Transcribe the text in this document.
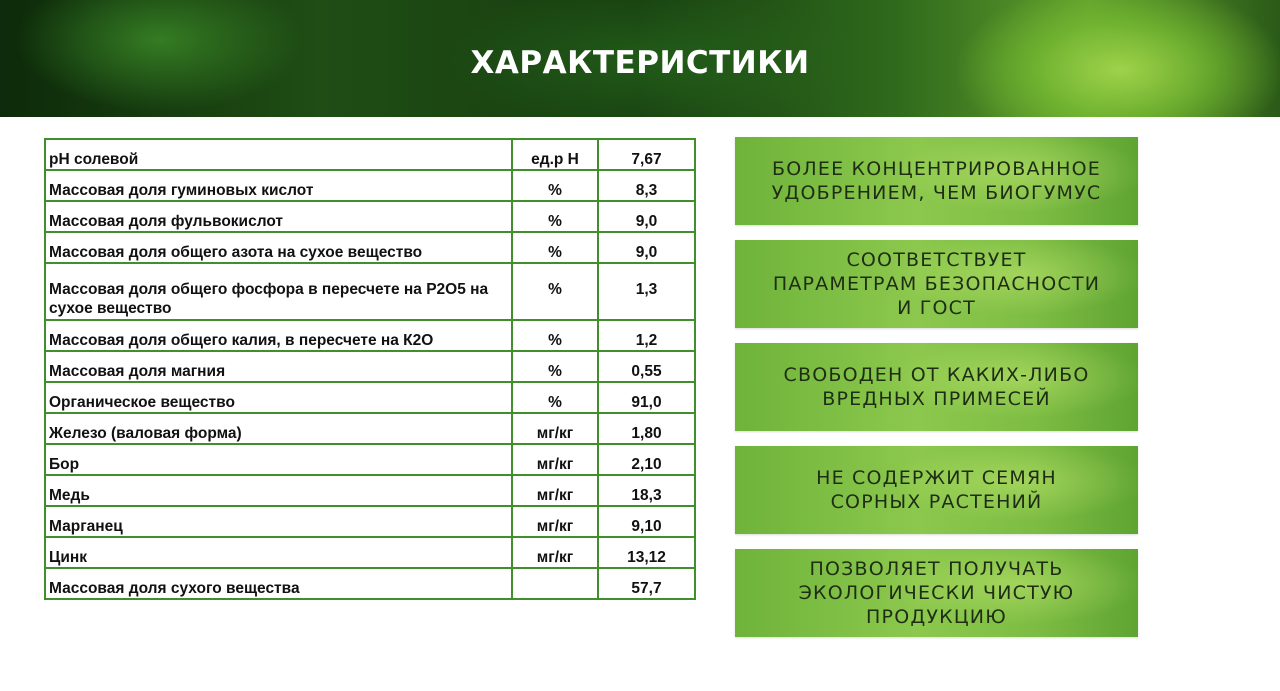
ХАРАКТЕРИСТИКИ
pH солевой	ед.р Н	7,67
Массовая доля гуминовых кислот	%	8,3
Массовая доля фульвокислот	%	9,0
Массовая доля общего азота на сухое вещество	%	9,0
Массовая доля общего фосфора в пересчете на P2O5 на сухое вещество	%	1,3
Массовая доля общего калия, в пересчете на К2О	%	1,2
Массовая доля магния	%	0,55
Органическое вещество	%	91,0
Железо (валовая форма)	мг/кг	1,80
Бор	мг/кг	2,10
Медь	мг/кг	18,3
Марганец	мг/кг	9,10
Цинк	мг/кг	13,12
Массовая доля сухого вещества		57,7
БОЛЕЕ КОНЦЕНТРИРОВАННОЕ УДОБРЕНИЕМ, ЧЕМ БИОГУМУС
СООТВЕТСТВУЕТ ПАРАМЕТРАМ БЕЗОПАСНОСТИ И ГОСТ
СВОБОДЕН ОТ КАКИХ-ЛИБО ВРЕДНЫХ ПРИМЕСЕЙ
НЕ СОДЕРЖИТ СЕМЯН СОРНЫХ РАСТЕНИЙ
ПОЗВОЛЯЕТ ПОЛУЧАТЬ ЭКОЛОГИЧЕСКИ ЧИСТУЮ ПРОДУКЦИЮ
